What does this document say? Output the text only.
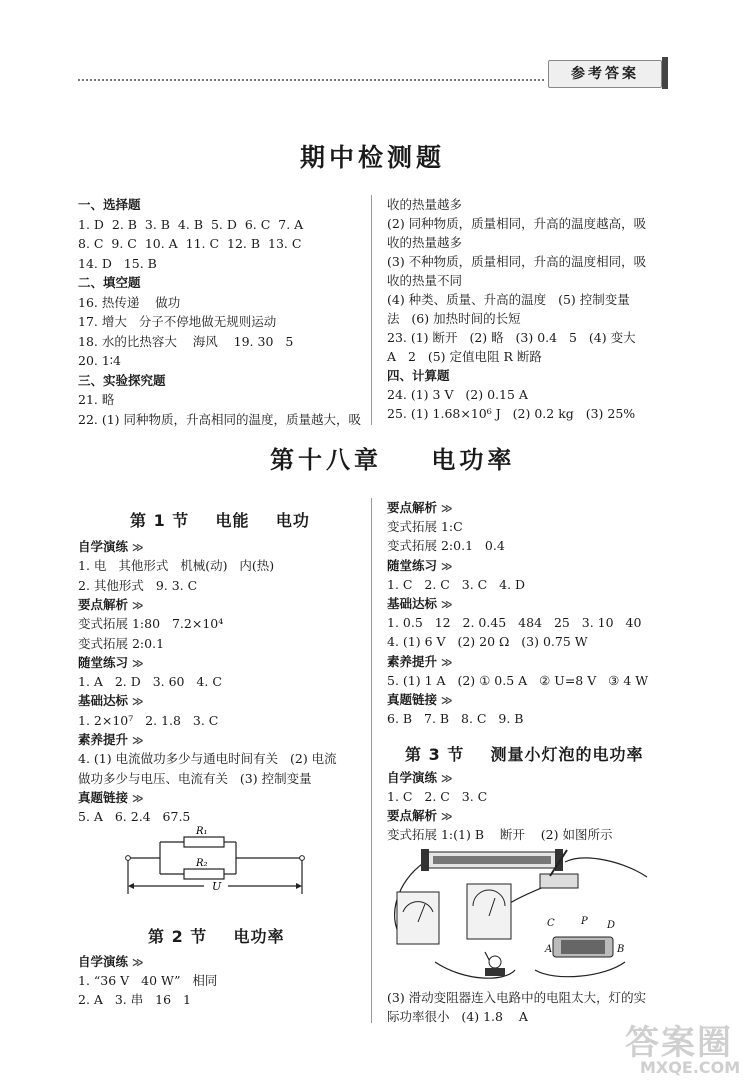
参考答案
期中检测题
一、选择题
1. D  2. B  3. B  4. B  5. D  6. C  7. A
8. C  9. C  10. A  11. C  12. B  13. C
14. D   15. B
二、填空题
16. 热传递    做功
17. 增大   分子不停地做无规则运动
18. 水的比热容大    海风    19. 30   5
20. 1∶4
三、实验探究题
21. 略
22. (1) 同种物质，升高相同的温度，质量越大，吸
收的热量越多
(2) 同种物质，质量相同，升高的温度越高，吸
收的热量越多
(3) 不种物质，质量相同，升高的温度相同，吸
收的热量不同
(4) 种类、质量、升高的温度   (5) 控制变量
法   (6) 加热时间的长短
23. (1) 断开   (2) 略   (3) 0.4   5   (4) 变大
A   2   (5) 定值电阻 R 断路
四、计算题
24. (1) 3 V   (2) 0.15 A
25. (1) 1.68×10⁶ J   (2) 0.2 kg   (3) 25%
第十八章    电功率
第 1 节    电能    电功
自学演练 ≫
1. 电   其他形式   机械(动)   内(热)
2. 其他形式   9. 3. C
要点解析 ≫
变式拓展 1:80   7.2×10⁴
变式拓展 2:0.1
随堂练习 ≫
1. A   2. D   3. 60   4. C
基础达标 ≫
1. 2×10⁷   2. 1.8   3. C
素养提升 ≫
4. (1) 电流做功多少与通电时间有关   (2) 电流
做功多少与电压、电流有关   (3) 控制变量
真题链接 ≫
5. A   6. 2.4   67.5
R₁
R₂
U
第 2 节    电功率
自学演练 ≫
1. “36 V   40 W”   相同
2. A   3. 串   16   1
要点解析 ≫
变式拓展 1:C
变式拓展 2:0.1   0.4
随堂练习 ≫
1. C   2. C   3. C   4. D
基础达标 ≫
1. 0.5   12   2. 0.45   484   25   3. 10   40
4. (1) 6 V   (2) 20 Ω   (3) 0.75 W
素养提升 ≫
5. (1) 1 A   (2) ① 0.5 A   ② U=8 V   ③ 4 W
真题链接 ≫
6. B   7. B   8. C   9. B
第 3 节    测量小灯泡的电功率
自学演练 ≫
1. C   2. C   3. C
要点解析 ≫
变式拓展 1:(1) B    断开    (2) 如图所示
C	P D
A	B
(3) 滑动变阻器连入电路中的电阻太大，灯的实
际功率很小   (4) 1.8    A
答案圈
MXQE.COM
